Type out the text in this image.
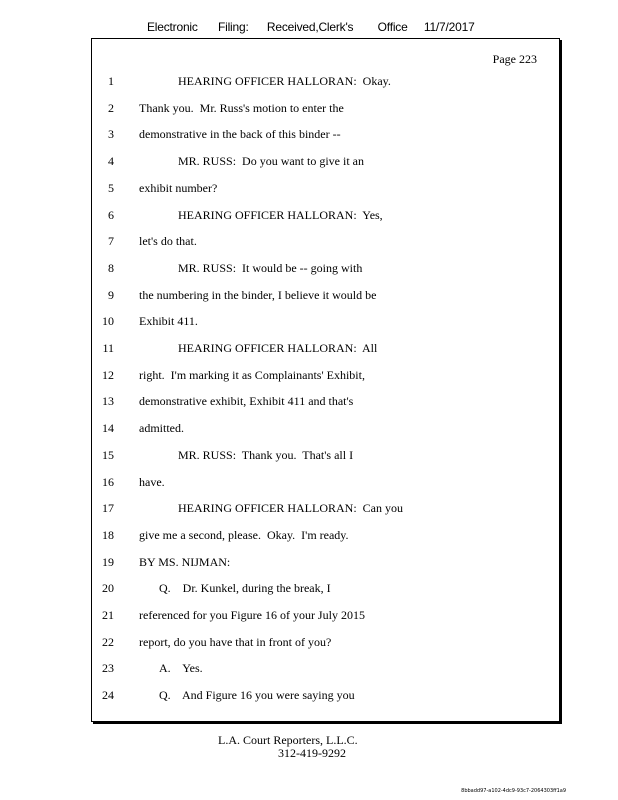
Electronic Filing: Received,Clerk's Office 11/7/2017
Page 223
1	HEARING OFFICER HALLORAN:  Okay.
2 Thank you.  Mr. Russ's motion to enter the
3 demonstrative in the back of this binder --
4	MR. RUSS:  Do you want to give it an
5 exhibit number?
6	HEARING OFFICER HALLORAN:  Yes,
7 let's do that.
8	MR. RUSS:  It would be -- going with
9 the numbering in the binder, I believe it would be
10 Exhibit 411.
11	HEARING OFFICER HALLORAN:  All
12 right.  I'm marking it as Complainants' Exhibit,
13 demonstrative exhibit, Exhibit 411 and that's
14 admitted.
15	MR. RUSS:  Thank you.  That's all I
16 have.
17	HEARING OFFICER HALLORAN:  Can you
18 give me a second, please.  Okay.  I'm ready.
19 BY MS. NIJMAN:
20	Q.    Dr. Kunkel, during the break, I
21 referenced for you Figure 16 of your July 2015
22 report, do you have that in front of you?
23	A.    Yes.
24	Q.    And Figure 16 you were saying you
L.A. Court Reporters, L.L.C.
312-419-9292
8bbadd97-a102-4dc9-93c7-2064303ff1a9
